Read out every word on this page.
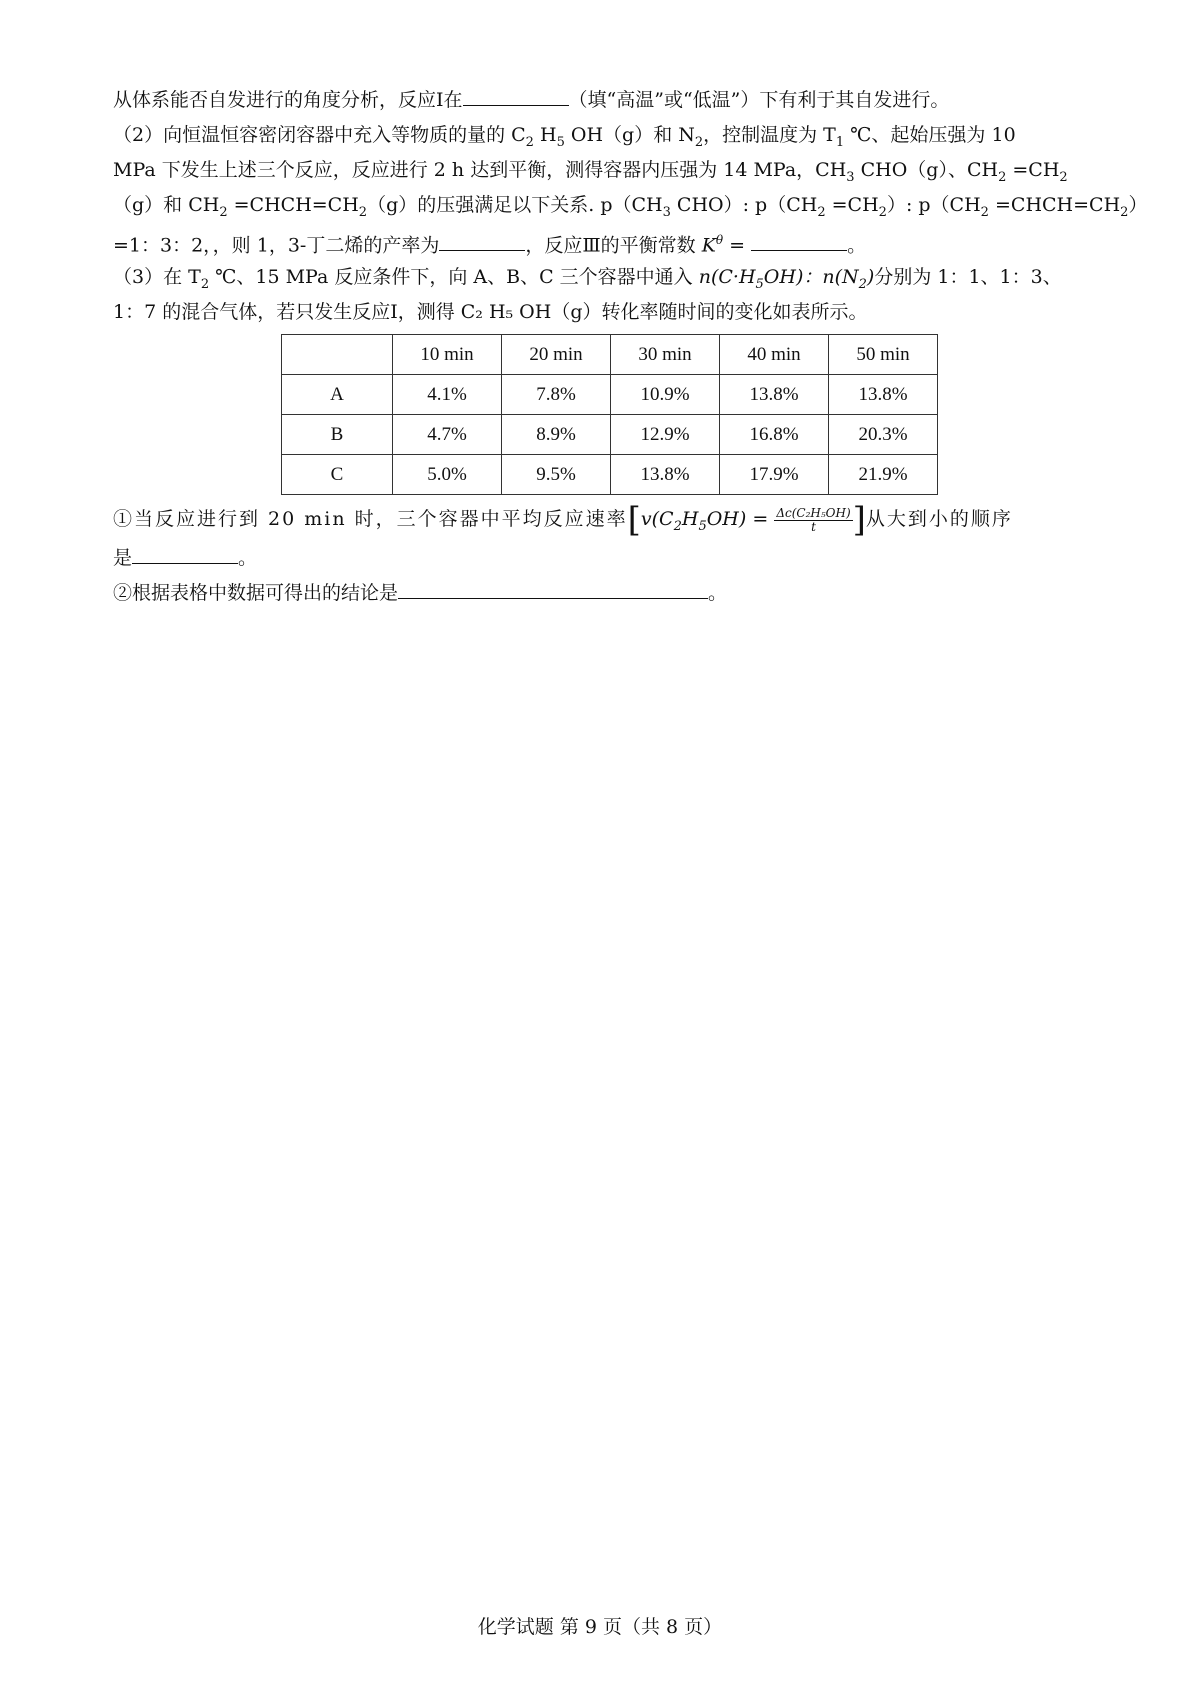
从体系能否自发进行的角度分析，反应Ⅰ在	（填“高温”或“低温”）下有利于其自发进行。
（2）向恒温恒容密闭容器中充入等物质的量的 $C_2$ $H_5$ OH（g）和 $N_2$，控制温度为 $T_1$ ℃、起始压强为 10
MPa 下发生上述三个反应，反应进行 2 h 达到平衡，测得容器内压强为 14 MPa，$CH_3$ CHO（g）、$CH_2 =CH_2$
（g）和 $CH_2$ $=CHCH=CH_2(g)$的压强满足以下关系. $p(CH_3$ CHO）: $p(CH_2 =CH_2)$: $p(CH_2$ $=CHCH=CH_2$）
=1：3：2，，则 1，3-丁二烯的产率为	，反应Ⅲ的平衡常数 $K^\theta$ =	。
（3）在 $T_2$ ℃、15 MPa 反应条件下，向 A、B、C 三个容器中通入 $n(C\cdot H_5OH)$：$n(N_2)$分别为 1：1、1：3、
1：7 的混合气体，若只发生反应Ⅰ，测得 C₂ H₅ OH（g）转化率随时间的变化如表所示。
	10 min	20 min	30 min	40 min	50 min
A	4.1%	7.8%	10.9%	13.8%	13.8%
B	4.7%	8.9%	12.9%	16.8%	20.3%
C	5.0%	9.5%	13.8%	17.9%	21.9%
①当反应进行到 20 min 时，三个容器中平均反应速率[$v(C_2H_5OH) = \frac{\text{Δc(C₂H₅OH)}}{t}$ ]从大到小的顺序
是	。
②根据表格中数据可得出的结论是	。
化学试题 第 9 页（共 8 页）
